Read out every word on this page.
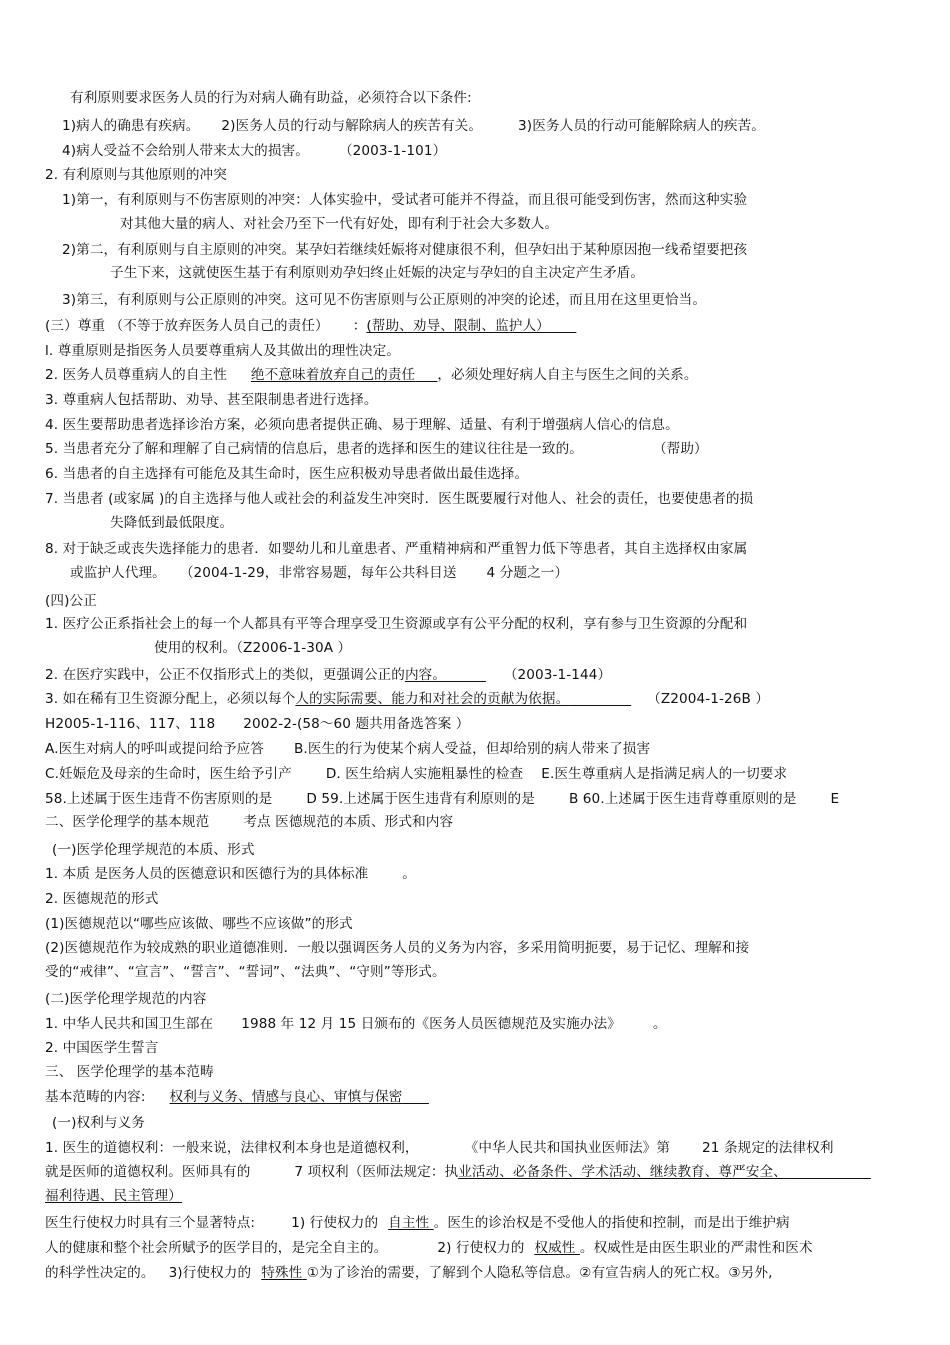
有利原则要求医务人员的行为对病人确有助益，必须符合以下条件:
1)病人的确患有疾病。 2)医务人员的行动与解除病人的疾苦有关。	3)医务人员的行动可能解除病人的疾苦。
4)病人受益不会给别人带来太大的损害。 （2003-1-101）
2. 有利原则与其他原则的冲突
1)第一，有利原则与不伤害原则的冲突：人体实验中，受试者可能并不得益，而且很可能受到伤害，然而这种实验
对其他大量的病人、对社会乃至下一代有好处，即有利于社会大多数人。
2)第二，有利原则与自主原则的冲突。某孕妇若继续妊娠将对健康很不利，但孕妇出于某种原因抱一线希望要把孩
子生下来，这就使医生基于有利原则劝孕妇终止妊娠的决定与孕妇的自主决定产生矛盾。
3)第三，有利原则与公正原则的冲突。这可见不伤害原则与公正原则的冲突的论述，而且用在这里更恰当。
(三）尊重 （不等于放弃医务人员自己的责任） ：(帮助、劝导、限制、监护人）
l. 尊重原则是指医务人员要尊重病人及其做出的理性决定。
2. 医务人员尊重病人的自主性 绝不意味着放弃自己的责任 ，必须处理好病人自主与医生之间的关系。
3. 尊重病人包括帮助、劝导、甚至限制患者进行选择。
4. 医生要帮助患者选择诊治方案，必须向患者提供正确、易于理解、适量、有利于增强病人信心的信息。
5. 当患者充分了解和理解了自己病情的信息后，患者的选择和医生的建议往往是一致的。	（帮助）
6. 当患者的自主选择有可能危及其生命时，医生应积极劝导患者做出最佳选择。
7. 当患者 (或家属 )的自主选择与他人或社会的利益发生冲突时．医生既要履行对他人、社会的责任，也要使患者的损
失降低到最低限度。
8. 对于缺乏或丧失选择能力的患者．如婴幼儿和儿童患者、严重精神病和严重智力低下等患者，其自主选择权由家属
或监护人代理。 （2004-1-29，非常容易题，每年公共科目送 4 分题之一）
(四)公正
1. 医疗公正系指社会上的每一个人都具有平等合理享受卫生资源或享有公平分配的权利，享有参与卫生资源的分配和
使用的权利。（Z2006-1-30A ）
2. 在医疗实践中，公正不仅指形式上的类似，更强调公正的内容。	（2003-1-144）
3. 如在稀有卫生资源分配上，必须以每个人的实际需要、能力和对社会的贡献为依据。	（Z2004-1-26B ）
H2005-1-116、117、118 2002-2-(58～60 题共用备选答案 ）
A.医生对病人的呼叫或提问给予应答 B.医生的行为使某个病人受益，但却给别的病人带来了损害
C.妊娠危及母亲的生命时，医生给予引产	D. 医生给病人实施粗暴性的检查 E.医生尊重病人是指满足病人的一切要求
58.上述属于医生违背不伤害原则的是	D 59.上述属于医生违背有利原则的是	B 60.上述属于医生违背尊重原则的是	E
二、医学伦理学的基本规范	考点 医德规范的本质、形式和内容
(一)医学伦理学规范的本质、形式
1. 本质 是医务人员的医德意识和医德行为的具体标准	。
2. 医德规范的形式
(1)医德规范以“哪些应该做、哪些不应该做”的形式
(2)医德规范作为较成熟的职业道德准则．一般以强调医务人员的义务为内容，多采用简明扼要，易于记忆、理解和接
受的“戒律”、“宣言”、“誓言”、“誓词”、“法典”、“守则”等形式。
(二)医学伦理学规范的内容
1. 中华人民共和国卫生部在 1988 年 12 月 15 日颁布的《医务人员医德规范及实施办法》 。
2. 中国医学生誓言
三、 医学伦理学的基本范畴
基本范畴的内容: 权利与义务、情感与良心、审慎与保密
(一)权利与义务
1. 医生的道德权利：一般来说，法律权利本身也是道德权利，	《中华人民共和国执业医师法》第 21 条规定的法律权利
就是医师的道德权利。医师具有的	7 项权利（医师法规定：执业活动、必备条件、学术活动、继续教育、尊严安全、
福利待遇、民主管理）
医生行使权力时具有三个显著特点:	1) 行使权力的 自主性 。医生的诊治权是不受他人的指使和控制，而是出于维护病
人的健康和整个社会所赋予的医学目的，是完全自主的。	2) 行使权力的 权威性 。权威性是由医生职业的严肃性和医术
的科学性决定的。 3)行使权力的 特殊性 ①为了诊治的需要，了解到个人隐私等信息。②有宣告病人的死亡权。③另外,
